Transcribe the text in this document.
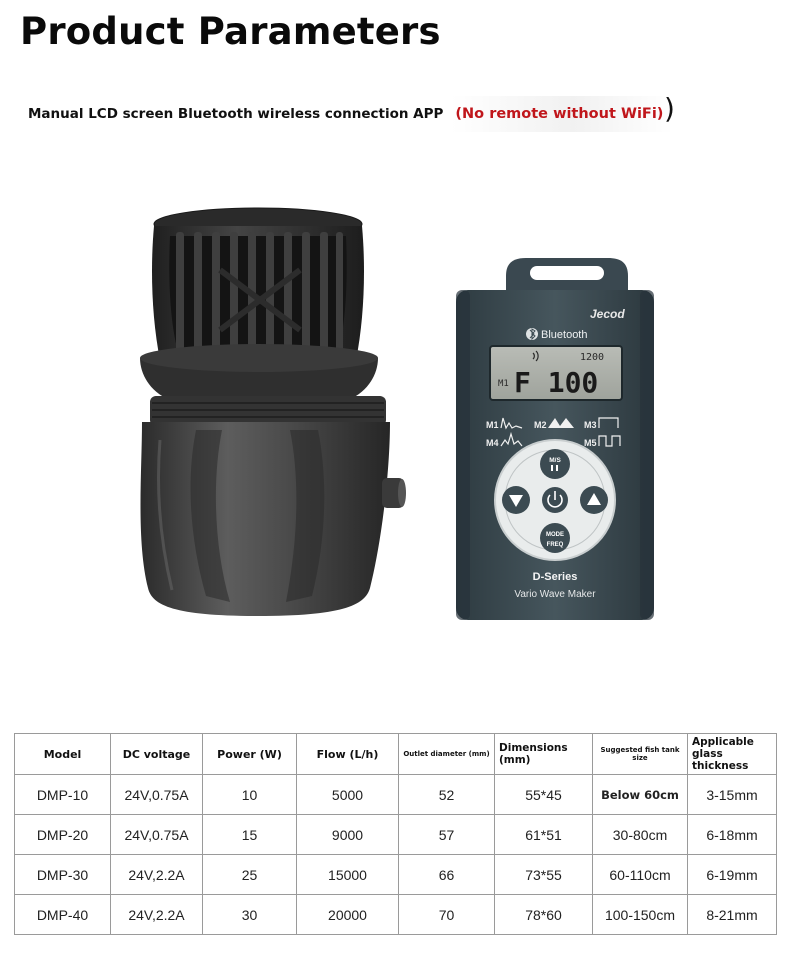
Product Parameters
Manual LCD screen Bluetooth wireless connection APP (No remote without WiFi) )
Jecod
Bluetooth
1200
M1 F 100
M1	M2	M3
M4	M5
M/S
MODE
FREQ
D-Series
Vario Wave Maker
Model	DC voltage	Power (W)	Flow (L/h)	Outlet diameter (mm)	Dimensions (mm)	Suggested fish tank size	Applicable glass thickness
DMP-10	24V,0.75A	10	5000	52	55*45	Below 60cm	3-15mm
DMP-20	24V,0.75A	15	9000	57	61*51	30-80cm	6-18mm
DMP-30	24V,2.2A	25	15000	66	73*55	60-110cm	6-19mm
DMP-40	24V,2.2A	30	20000	70	78*60	100-150cm	8-21mm
